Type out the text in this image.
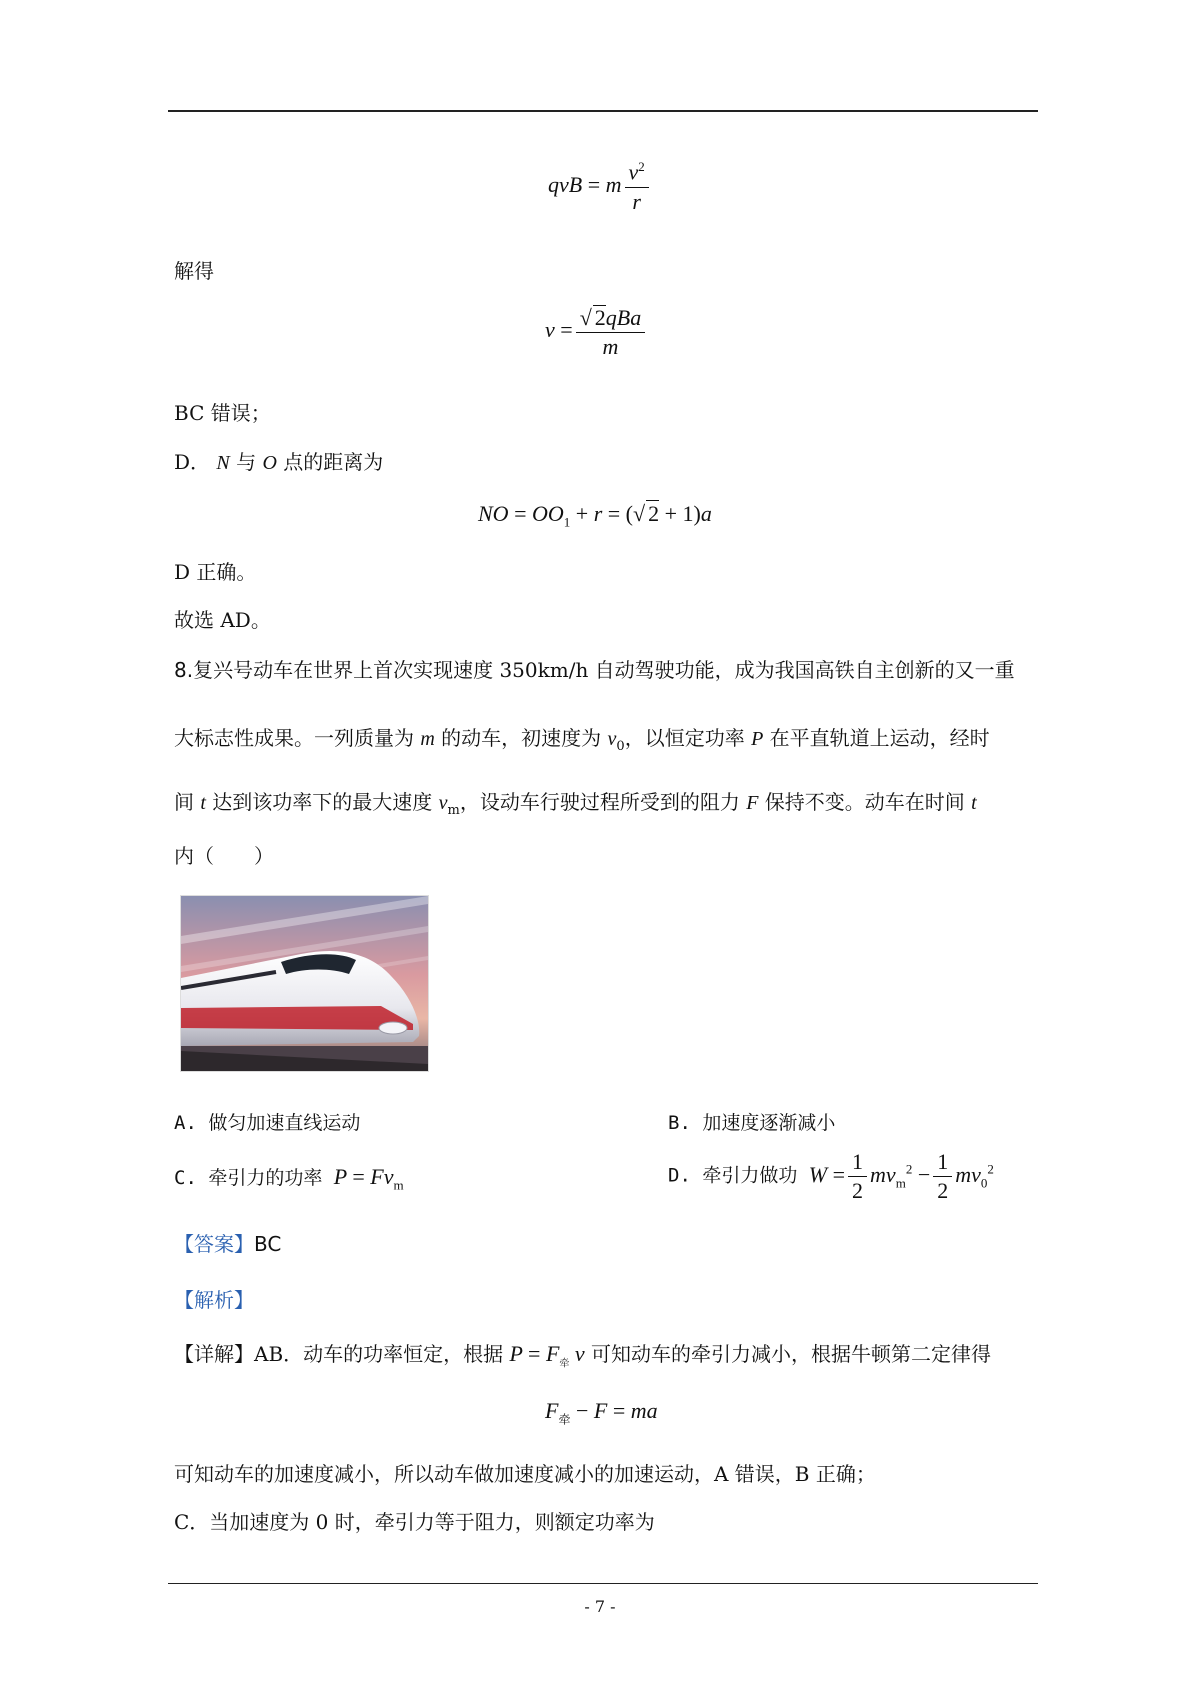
qvB = m $\frac{v^2}{r}$
解得
$v = \frac{\text{√ 2qBa}}{m}$
BC 错误；
D． N 与 O 点的距离为
NO = $OO_1 + r$ = (√ 2 + 1)a
D 正确。
故选 AD。
8.复兴号动车在世界上首次实现速度 350km/h 自动驾驶功能，成为我国高铁自主创新的又一重
大标志性成果。一列质量为 m 的动车，初速度为 $v_0$，以恒定功率 P 在平直轨道上运动，经时
间 t 达到该功率下的最大速度 $v_m$，设动车行驶过程所受到的阻力 F 保持不变。动车在时间 t
内（　　）
A. 做匀加速直线运动	B. 加速度逐渐减小
C. 牵引力的功率 $P = Fv_m$	D. 牵引力做功 $W = \frac{1}{2} mv_m^2 - \frac{1}{2} mv_0^2$
【答案】BC
【解析】
【详解】AB．动车的功率恒定，根据 $P = F_牵$ v 可知动车的牵引力减小，根据牛顿第二定律得
$F_牵 - F$ = ma
可知动车的加速度减小，所以动车做加速度减小的加速运动，A 错误，B 正确；
C．当加速度为 0 时，牵引力等于阻力，则额定功率为
- 7 -
